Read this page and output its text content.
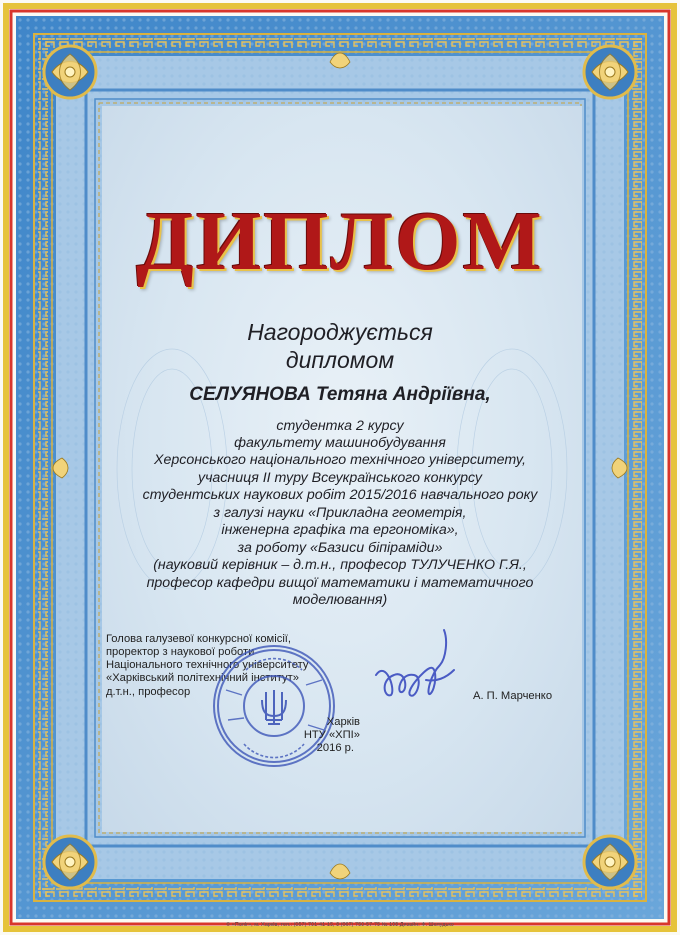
ДИПЛОМ
Нагороджується
дипломом
СЕЛУЯНОВА Тетяна Андріївна,
студентка 2 курсу
факультету машинобудування
Херсонського національного технічного університету,
учасниця II туру Всеукраїнського конкурсу
студентських наукових робіт 2015/2016 навчального року
з галузі науки «Прикладна геометрія,
інженерна графіка та ергономіка»,
за роботу «Базиси біпіраміди»
(науковий керівник – д.т.н., професор ТУЛУЧЕНКО Г.Я.,
професор кафедри вищої математики і математичного
моделювання)
Голова галузевої конкурсної комісії,
проректор з наукової роботи
Національного технічного університету
«Харківський політехнічний інститут»
д.т.н., професор	А. П. Марченко
Харків
НТУ «ХПІ»
2016 р.
© «Поліг», м. Харків, тел.: (057) 701-41-15, 8 (067) 750-57-75 № 108 Дизайн: Ф. Шелудько
